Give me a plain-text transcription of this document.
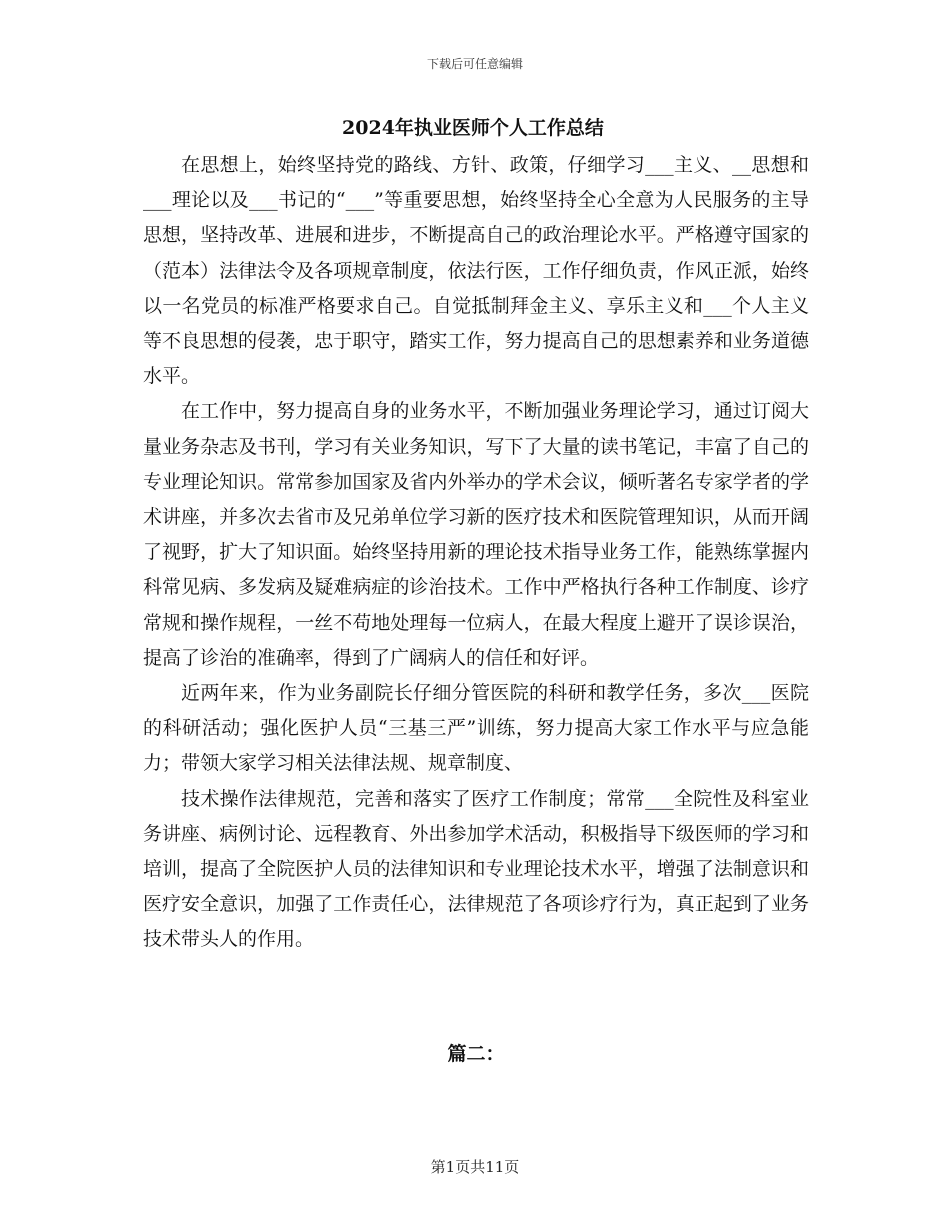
下载后可任意编辑
2024年执业医师个人工作总结

在思想上，始终坚持党的路线、方针、政策，仔细学习___主义、__思想和___理论以及___书记的“___”等重要思想，始终坚持全心全意为人民服务的主导思想，坚持改革、进展和进步，不断提高自己的政治理论水平。严格遵守国家的（范本）法律法令及各项规章制度，依法行医，工作仔细负责，作风正派，始终以一名党员的标准严格要求自己。自觉抵制拜金主义、享乐主义和___个人主义等不良思想的侵袭，忠于职守，踏实工作，努力提高自己的思想素养和业务道德水平。

在工作中，努力提高自身的业务水平，不断加强业务理论学习，通过订阅大量业务杂志及书刊，学习有关业务知识，写下了大量的读书笔记，丰富了自己的专业理论知识。常常参加国家及省内外举办的学术会议，倾听著名专家学者的学术讲座，并多次去省市及兄弟单位学习新的医疗技术和医院管理知识，从而开阔了视野，扩大了知识面。始终坚持用新的理论技术指导业务工作，能熟练掌握内科常见病、多发病及疑难病症的诊治技术。工作中严格执行各种工作制度、诊疗常规和操作规程，一丝不苟地处理每一位病人，在最大程度上避开了误诊误治，提高了诊治的准确率，得到了广阔病人的信任和好评。

近两年来，作为业务副院长仔细分管医院的科研和教学任务，多次___医院的科研活动；强化医护人员“三基三严”训练，努力提高大家工作水平与应急能力；带领大家学习相关法律法规、规章制度、

技术操作法律规范，完善和落实了医疗工作制度；常常___全院性及科室业务讲座、病例讨论、远程教育、外出参加学术活动，积极指导下级医师的学习和培训，提高了全院医护人员的法律知识和专业理论技术水平，增强了法制意识和医疗安全意识，加强了工作责任心，法律规范了各项诊疗行为，真正起到了业务技术带头人的作用。

篇二：
第1页共11页
